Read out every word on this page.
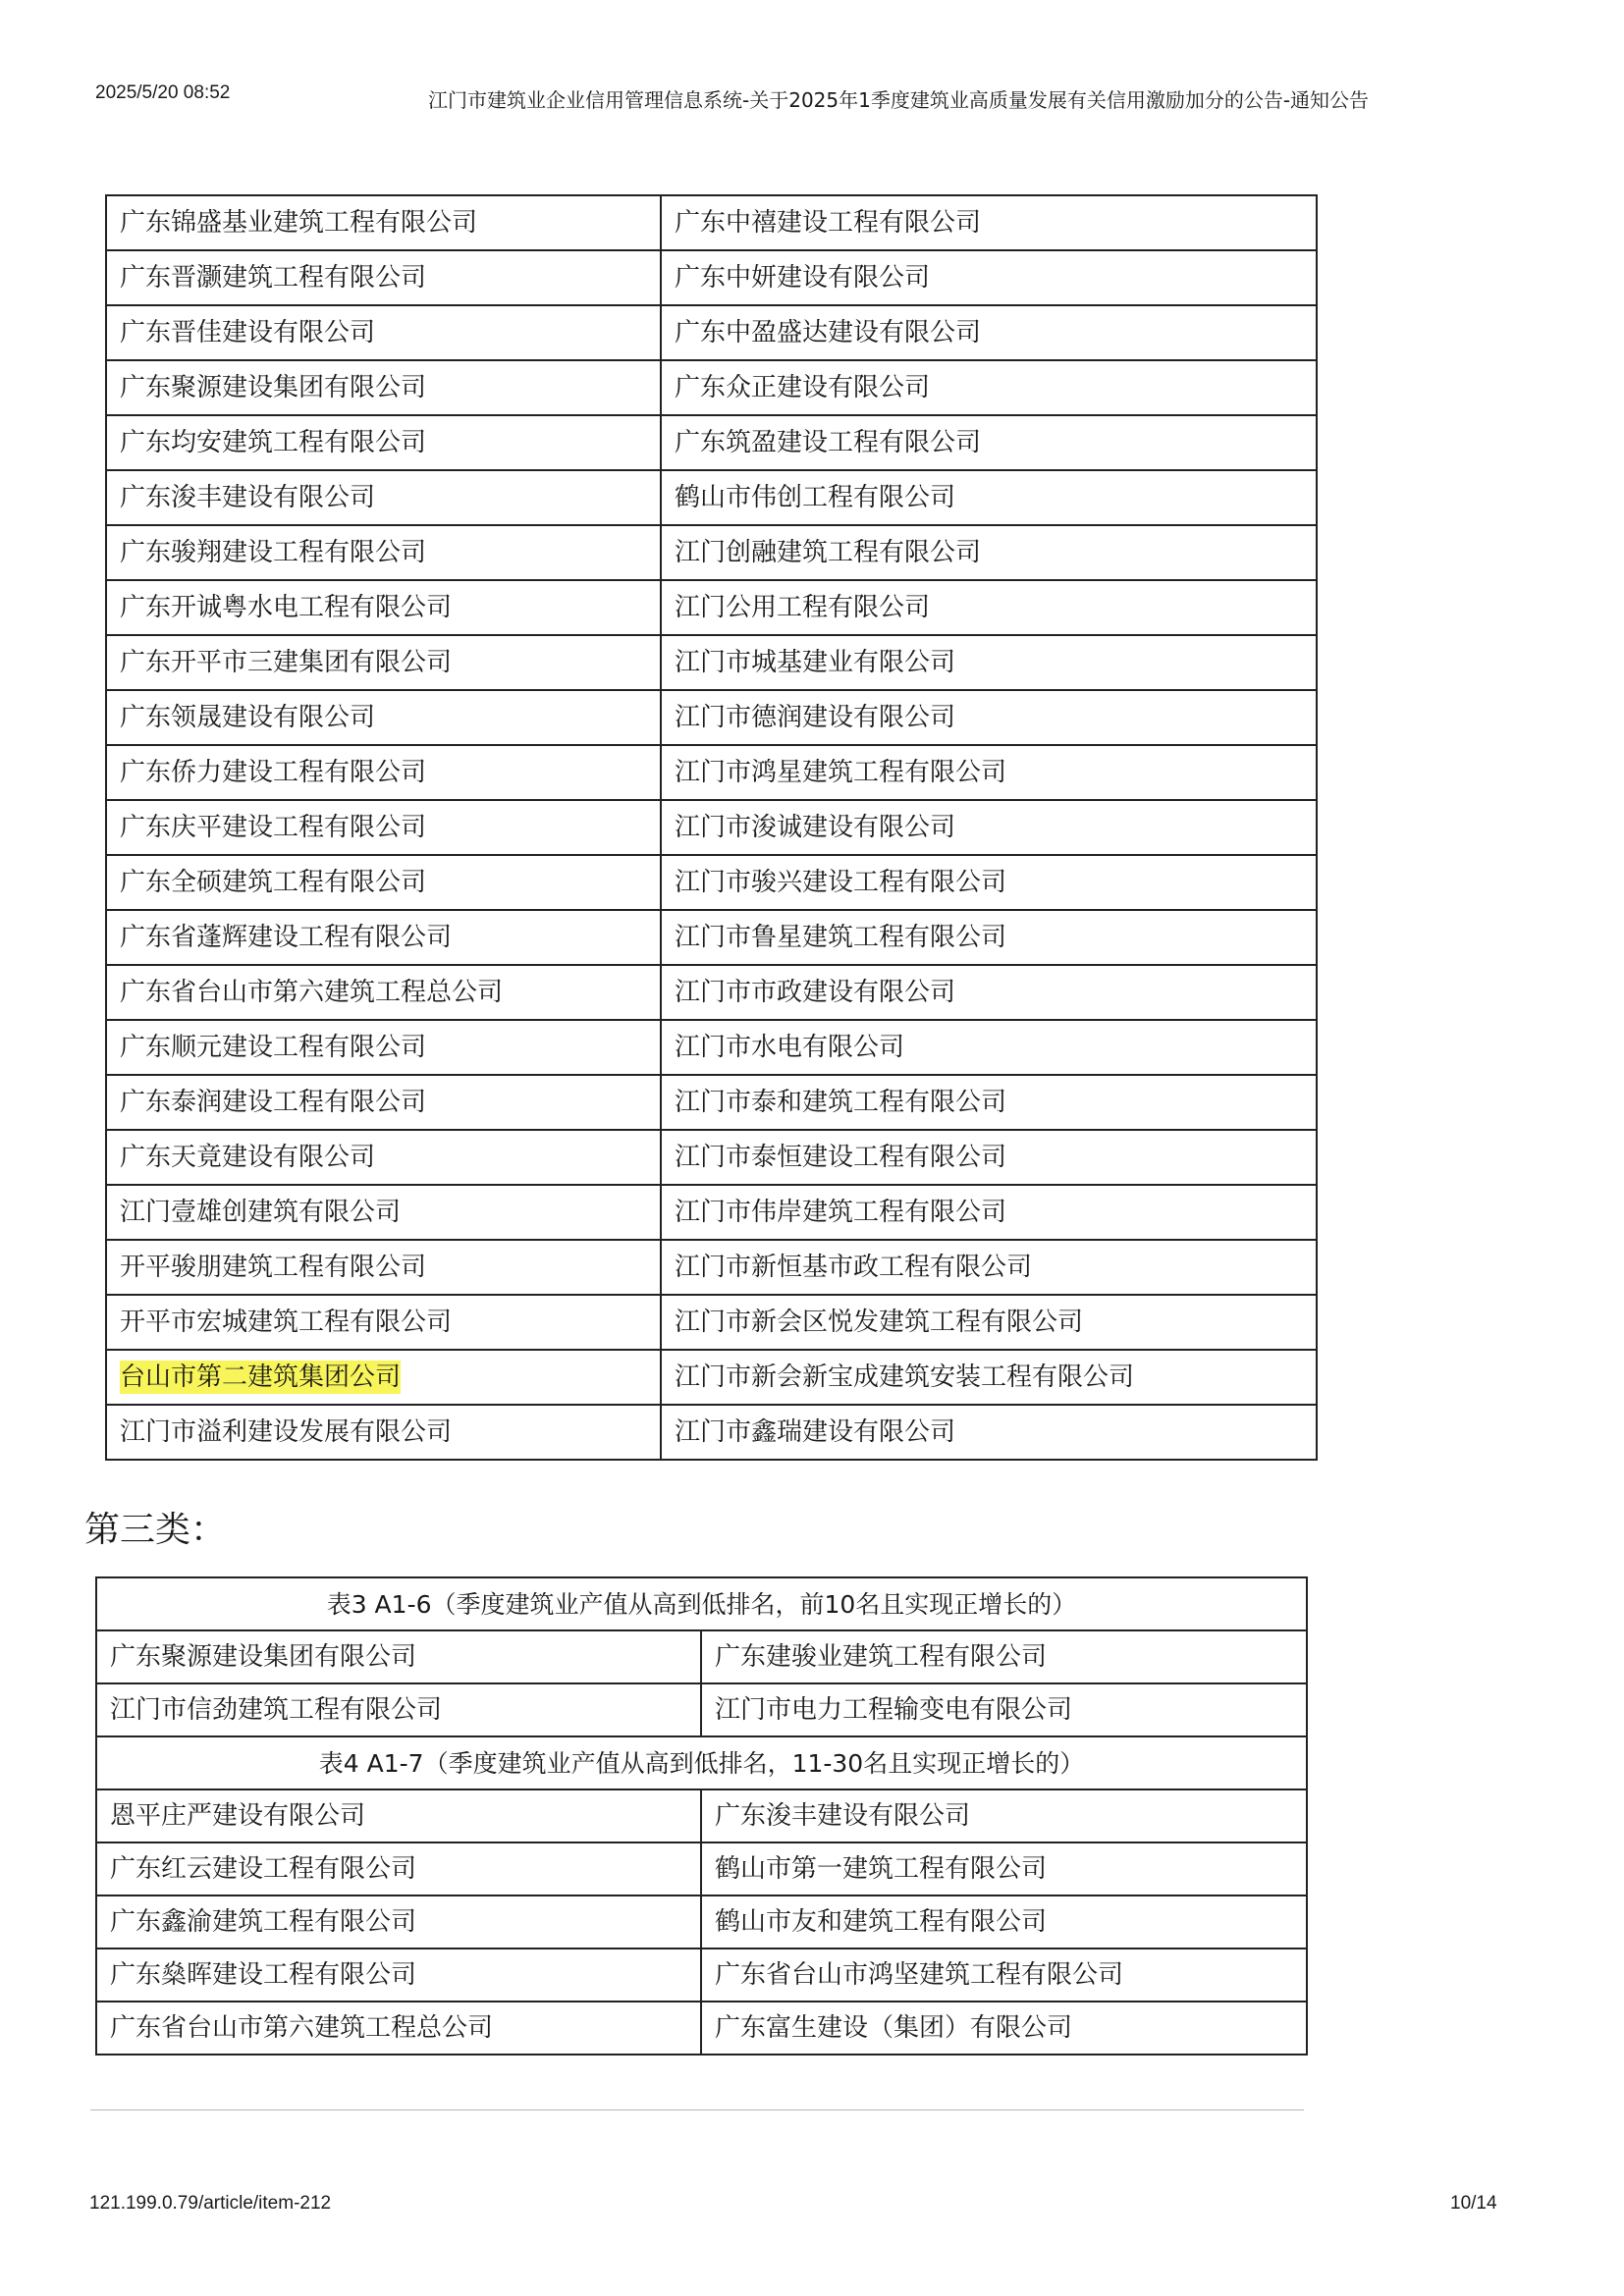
2025/5/20 08:52	江门市建筑业企业信用管理信息系统-关于2025年1季度建筑业高质量发展有关信用激励加分的公告-通知公告
广东锦盛基业建筑工程有限公司	广东中禧建设工程有限公司
广东晋灏建筑工程有限公司	广东中妍建设有限公司
广东晋佳建设有限公司	广东中盈盛达建设有限公司
广东聚源建设集团有限公司	广东众正建设有限公司
广东均安建筑工程有限公司	广东筑盈建设工程有限公司
广东浚丰建设有限公司	鹤山市伟创工程有限公司
广东骏翔建设工程有限公司	江门创融建筑工程有限公司
广东开诚粤水电工程有限公司	江门公用工程有限公司
广东开平市三建集团有限公司	江门市城基建业有限公司
广东领晟建设有限公司	江门市德润建设有限公司
广东侨力建设工程有限公司	江门市鸿星建筑工程有限公司
广东庆平建设工程有限公司	江门市浚诚建设有限公司
广东全硕建筑工程有限公司	江门市骏兴建设工程有限公司
广东省蓬辉建设工程有限公司	江门市鲁星建筑工程有限公司
广东省台山市第六建筑工程总公司	江门市市政建设有限公司
广东顺元建设工程有限公司	江门市水电有限公司
广东泰润建设工程有限公司	江门市泰和建筑工程有限公司
广东天竟建设有限公司	江门市泰恒建设工程有限公司
江门壹雄创建筑有限公司	江门市伟岸建筑工程有限公司
开平骏朋建筑工程有限公司	江门市新恒基市政工程有限公司
开平市宏城建筑工程有限公司	江门市新会区悦发建筑工程有限公司
台山市第二建筑集团公司	江门市新会新宝成建筑安装工程有限公司
江门市溢利建设发展有限公司	江门市鑫瑞建设有限公司
第三类：
表3 A1-6（季度建筑业产值从高到低排名，前10名且实现正增长的）	
广东聚源建设集团有限公司	广东建骏业建筑工程有限公司
江门市信劲建筑工程有限公司	江门市电力工程输变电有限公司
表4 A1-7（季度建筑业产值从高到低排名，11-30名且实现正增长的）	
恩平庄严建设有限公司	广东浚丰建设有限公司
广东红云建设工程有限公司	鹤山市第一建筑工程有限公司
广东鑫渝建筑工程有限公司	鹤山市友和建筑工程有限公司
广东燊晖建设工程有限公司	广东省台山市鸿坚建筑工程有限公司
广东省台山市第六建筑工程总公司	广东富生建设（集团）有限公司
121.199.0.79/article/item-212	10/14
